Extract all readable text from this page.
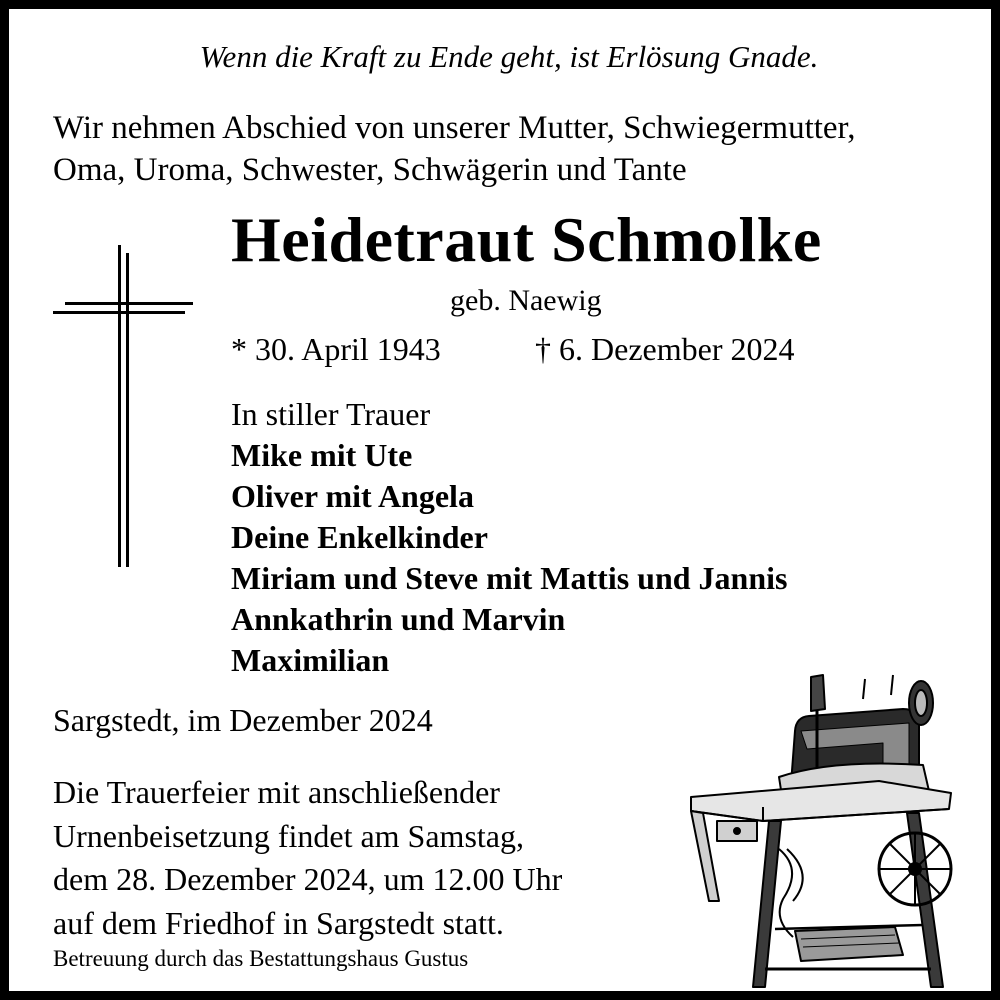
Wenn die Kraft zu Ende geht, ist Erlösung Gnade.
Wir nehmen Abschied von unserer Mutter, Schwiegermutter,
Oma, Uroma, Schwester, Schwägerin und Tante
Heidetraut Schmolke
geb. Naewig
* 30. April 1943	† 6. Dezember 2024
In stiller Trauer
Mike mit Ute
Oliver mit Angela
Deine Enkelkinder
Miriam und Steve mit Mattis und Jannis
Annkathrin und Marvin
Maximilian
Sargstedt, im Dezember 2024
Die Trauerfeier mit anschließender
Urnenbeisetzung findet am Samstag,
dem 28. Dezember 2024, um 12.00 Uhr
auf dem Friedhof in Sargstedt statt.
Betreuung durch das Bestattungshaus Gustus
